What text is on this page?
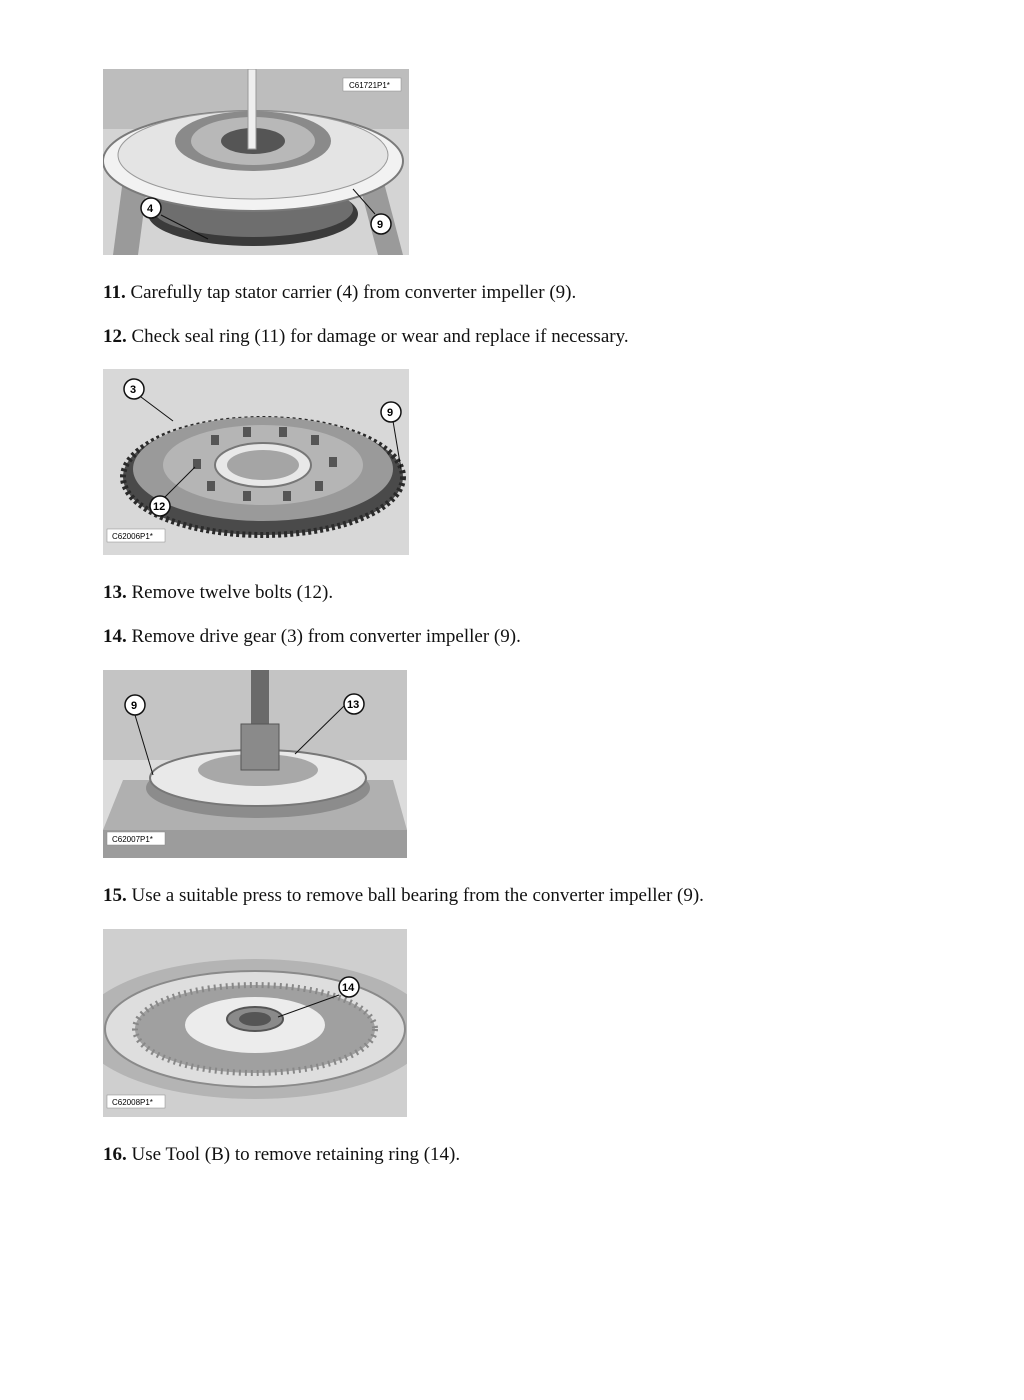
C61721P1*
4
9

11. Carefully tap stator carrier (4) from converter impeller (9).

12. Check seal ring (11) for damage or wear and replace if necessary.

C62006P1*
3
9
12

13. Remove twelve bolts (12).

14. Remove drive gear (3) from converter impeller (9).

C62007P1*
9	13

15. Use a suitable press to remove ball bearing from the converter impeller (9).

C62008P1*
14

16. Use Tool (B) to remove retaining ring (14).
